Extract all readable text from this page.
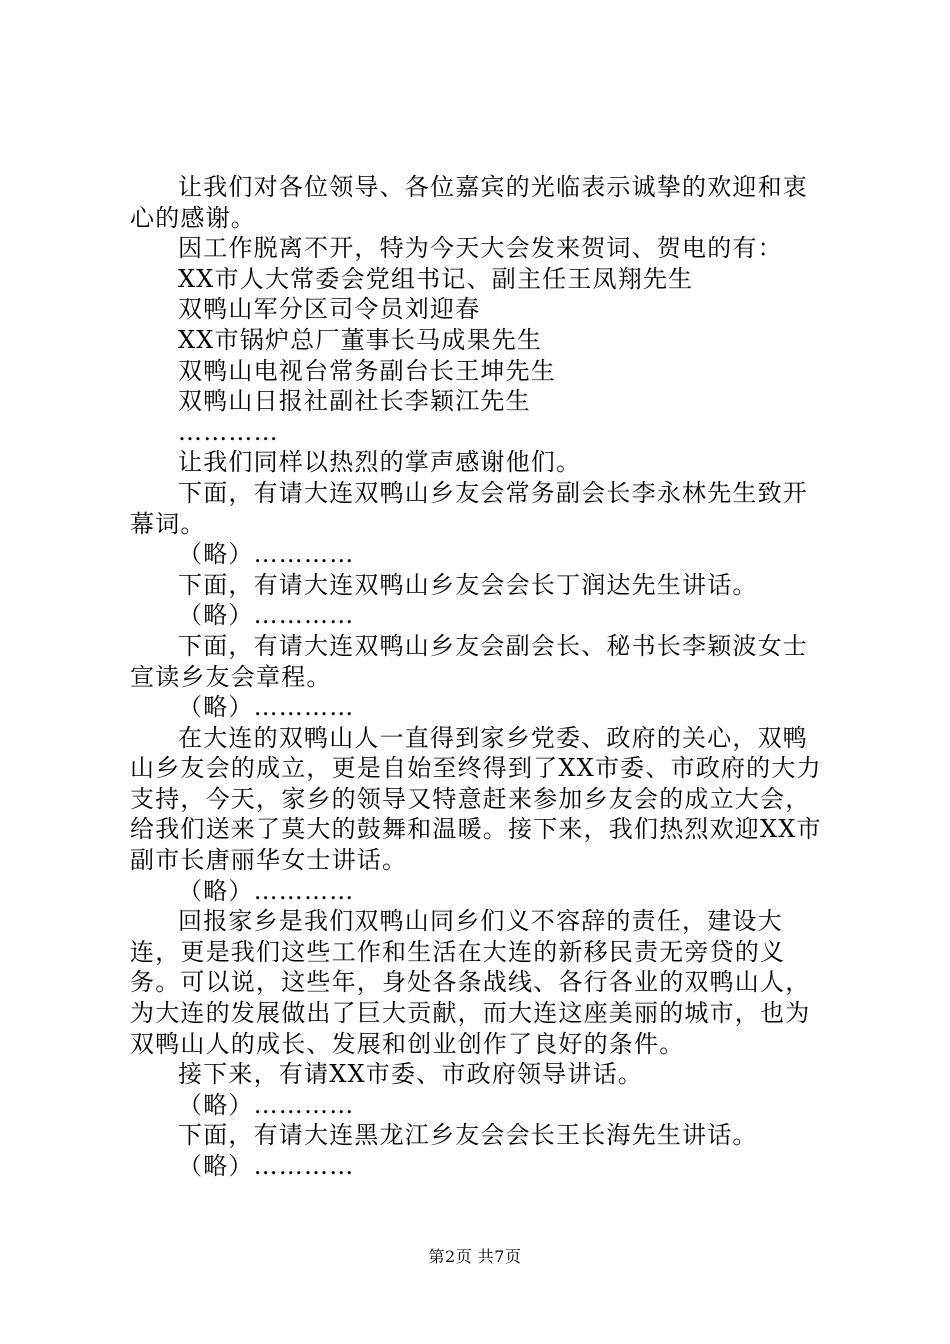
让我们对各位领导、各位嘉宾的光临表示诚挚的欢迎和衷心的感谢。

因工作脱离不开，特为今天大会发来贺词、贺电的有：

XX市人大常委会党组书记、副主任王凤翔先生

双鸭山军分区司令员刘迎春

XX市锅炉总厂董事长马成果先生

双鸭山电视台常务副台长王坤先生

双鸭山日报社副社长李颖江先生

…………

让我们同样以热烈的掌声感谢他们。

下面，有请大连双鸭山乡友会常务副会长李永林先生致开幕词。

（略）…………

下面，有请大连双鸭山乡友会会长丁润达先生讲话。

（略）…………

下面，有请大连双鸭山乡友会副会长、秘书长李颖波女士宣读乡友会章程。

（略）…………

在大连的双鸭山人一直得到家乡党委、政府的关心，双鸭山乡友会的成立，更是自始至终得到了XX市委、市政府的大力支持，今天，家乡的领导又特意赶来参加乡友会的成立大会，给我们送来了莫大的鼓舞和温暖。接下来，我们热烈欢迎XX市副市长唐丽华女士讲话。

（略）…………

回报家乡是我们双鸭山同乡们义不容辞的责任，建设大连，更是我们这些工作和生活在大连的新移民责无旁贷的义务。可以说，这些年，身处各条战线、各行各业的双鸭山人，为大连的发展做出了巨大贡献，而大连这座美丽的城市，也为双鸭山人的成长、发展和创业创作了良好的条件。

接下来，有请XX市委、市政府领导讲话。

（略）…………

下面，有请大连黑龙江乡友会会长王长海先生讲话。

（略）…………

第2页 共7页
